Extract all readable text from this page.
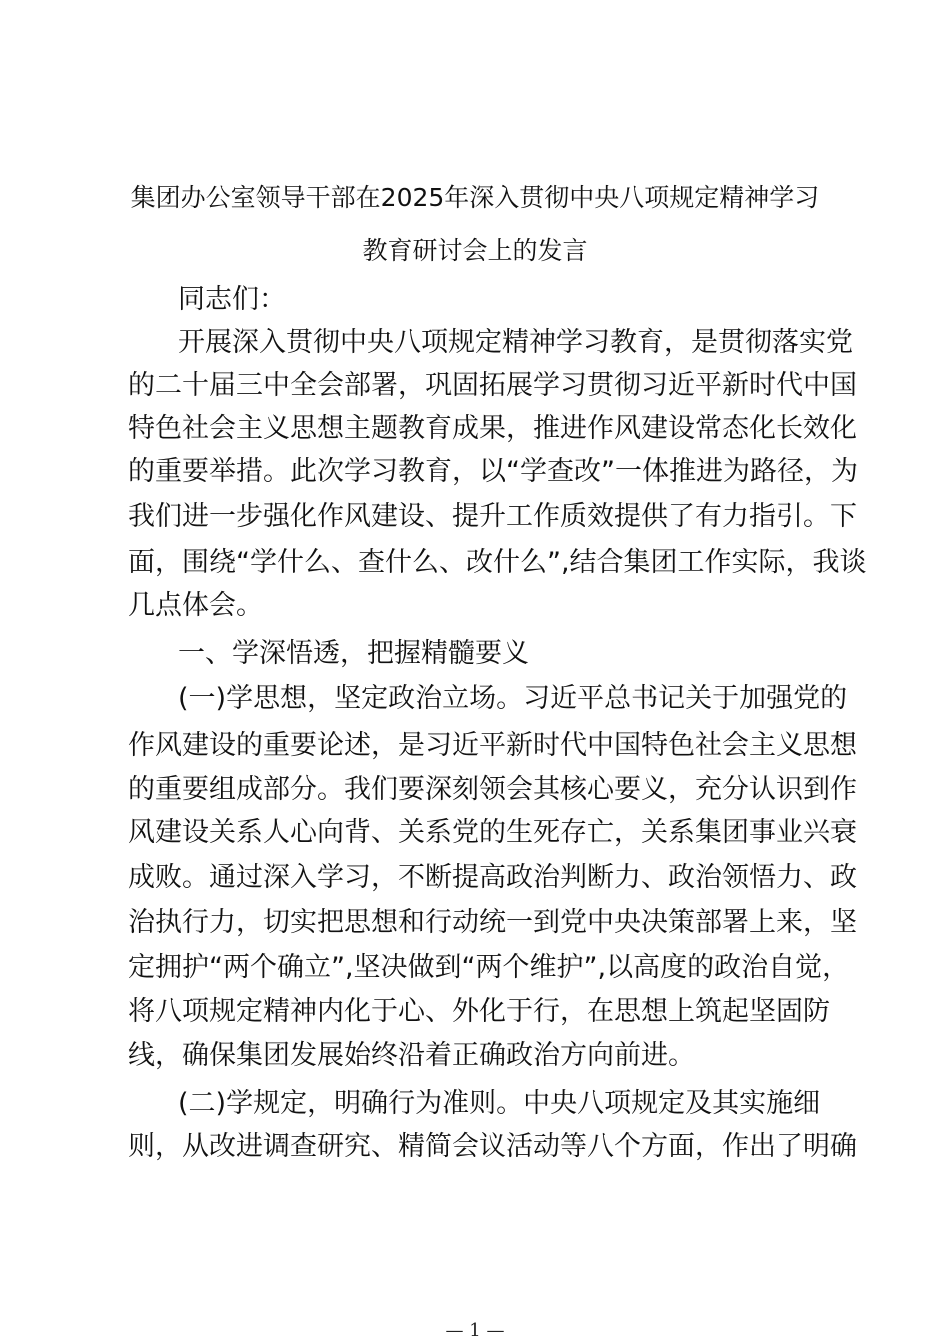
集团办公室领导干部在2025年深入贯彻中央八项规定精神学习
教育研讨会上的发言
同志们：
开展深入贯彻中央八项规定精神学习教育，是贯彻落实党
的二十届三中全会部署，巩固拓展学习贯彻习近平新时代中国
特色社会主义思想主题教育成果，推进作风建设常态化长效化
的重要举措。此次学习教育，以“学查改”一体推进为路径，为
我们进一步强化作风建设、提升工作质效提供了有力指引。下
面，围绕“学什么、查什么、改什么”,结合集团工作实际，我谈
几点体会。
一、学深悟透，把握精髓要义
(一)学思想，坚定政治立场。习近平总书记关于加强党的
作风建设的重要论述，是习近平新时代中国特色社会主义思想
的重要组成部分。我们要深刻领会其核心要义，充分认识到作
风建设关系人心向背、关系党的生死存亡，关系集团事业兴衰
成败。通过深入学习，不断提高政治判断力、政治领悟力、政
治执行力，切实把思想和行动统一到党中央决策部署上来，坚
定拥护“两个确立”,坚决做到“两个维护”,以高度的政治自觉，
将八项规定精神内化于心、外化于行，在思想上筑起坚固防
线，确保集团发展始终沿着正确政治方向前进。
(二)学规定，明确行为准则。中央八项规定及其实施细
则，从改进调查研究、精简会议活动等八个方面，作出了明确
— 1 —
